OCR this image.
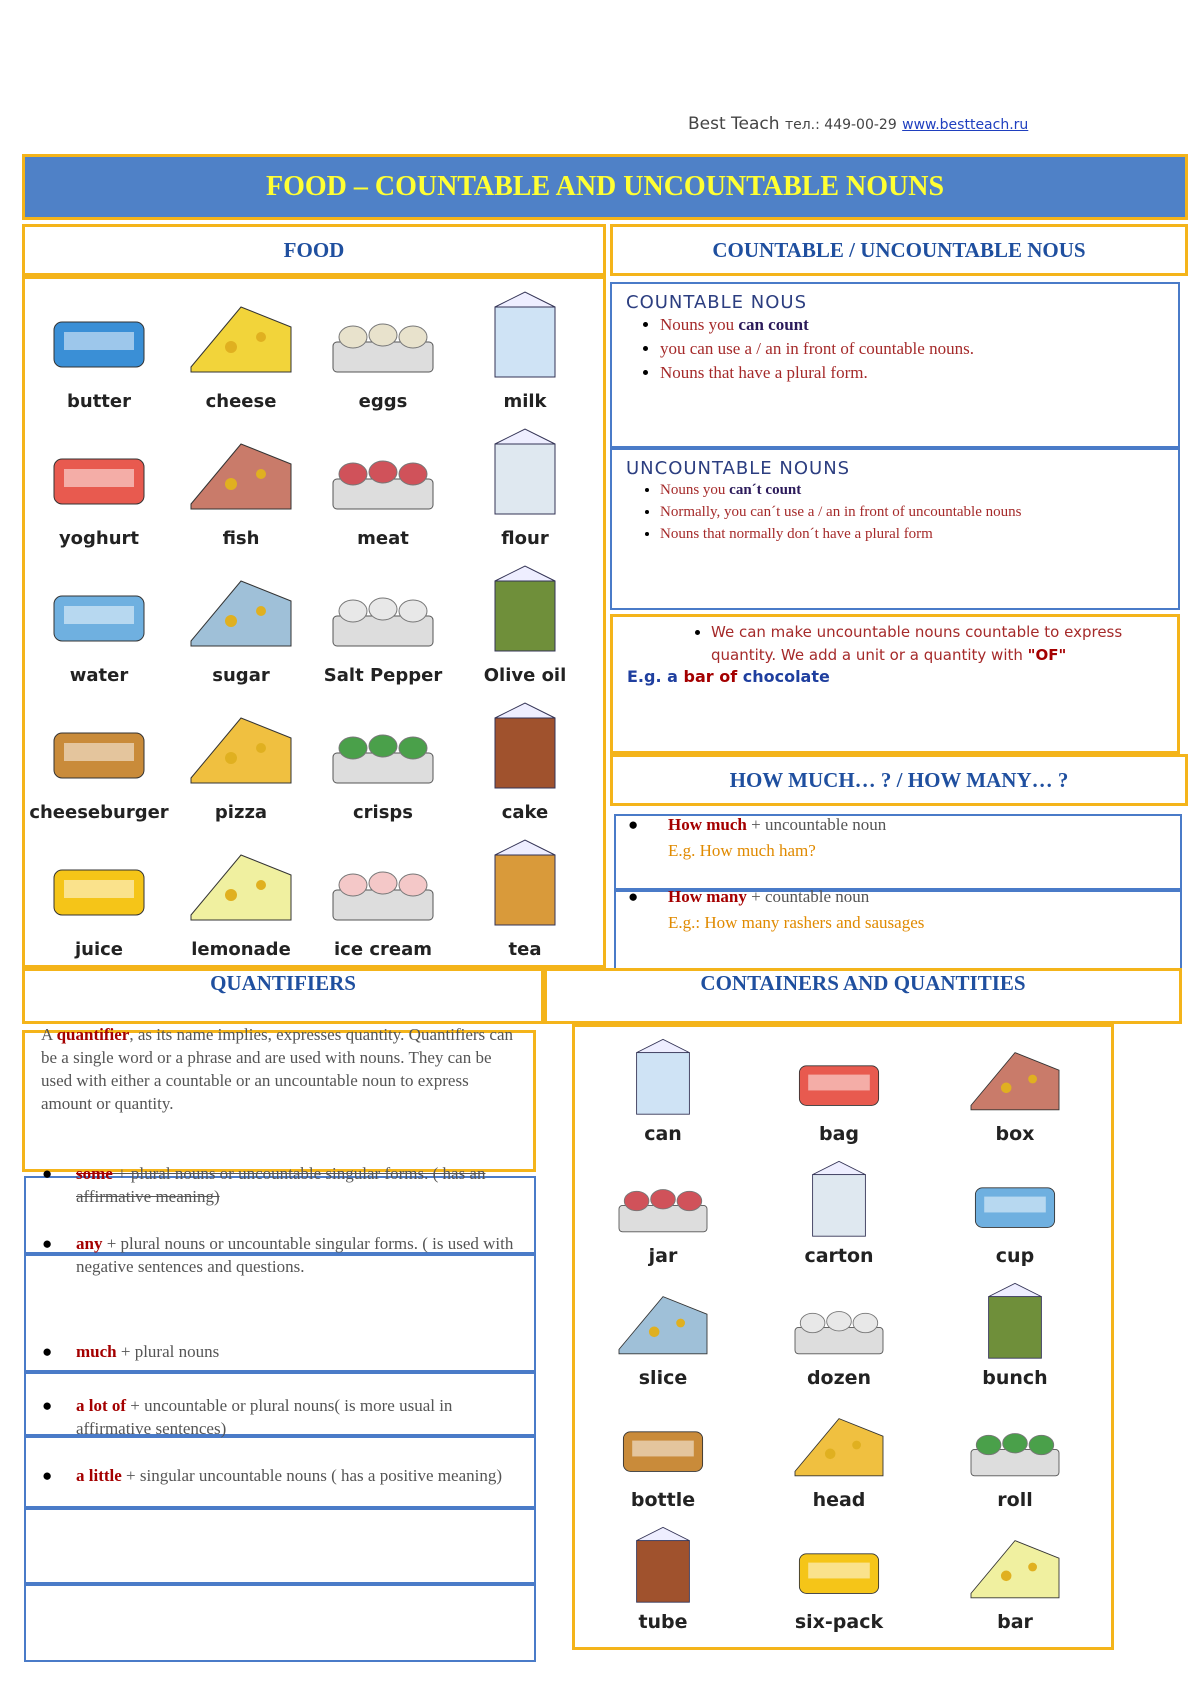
Best Teach тел.: 449-00-29 www.bestteach.ru
FOOD – COUNTABLE AND UNCOUNTABLE NOUNS
FOOD	COUNTABLE / UNCOUNTABLE NOUS
butter	cheese	eggs	milk
yoghurt	fish	meat	flour
water	sugar	Salt Pepper	Olive oil
cheeseburger	pizza	crisps	cake
juice	lemonade	ice cream	tea
COUNTABLE NOUS
• Nouns you can count
• you can use a / an in front of countable nouns.
• Nouns that have a plural form.
UNCOUNTABLE NOUNS
• Nouns you can´t count
• Normally, you can´t use a / an in front of uncountable nouns
• Nouns that normally don´t have a plural form
• We can make uncountable nouns countable to express quantity. We add a unit or a quantity with "OF"
E.g. a bar of chocolate
HOW MUCH… ? / HOW MANY… ?
● How much + uncountable noun
E.g. How much ham?
● How many + countable noun
E.g.: How many rashers and sausages
QUANTIFIERS	CONTAINERS AND QUANTITIES
A quantifier, as its name implies, expresses quantity. Quantifiers can be a single word or a phrase and are used with nouns. They can be used with either a countable or an uncountable noun to express amount or quantity.
● some + plural nouns or uncountable singular forms. ( has an affirmative meaning)
● any + plural nouns or uncountable singular forms. ( is used with negative sentences and questions.
● much + plural nouns
● a lot of + uncountable or plural nouns( is more usual in affirmative sentences)
● a little + singular uncountable nouns ( has a positive meaning)
can	bag	box
jar	carton	cup
slice	dozen	bunch
bottle	head	roll
tube	six-pack	bar
